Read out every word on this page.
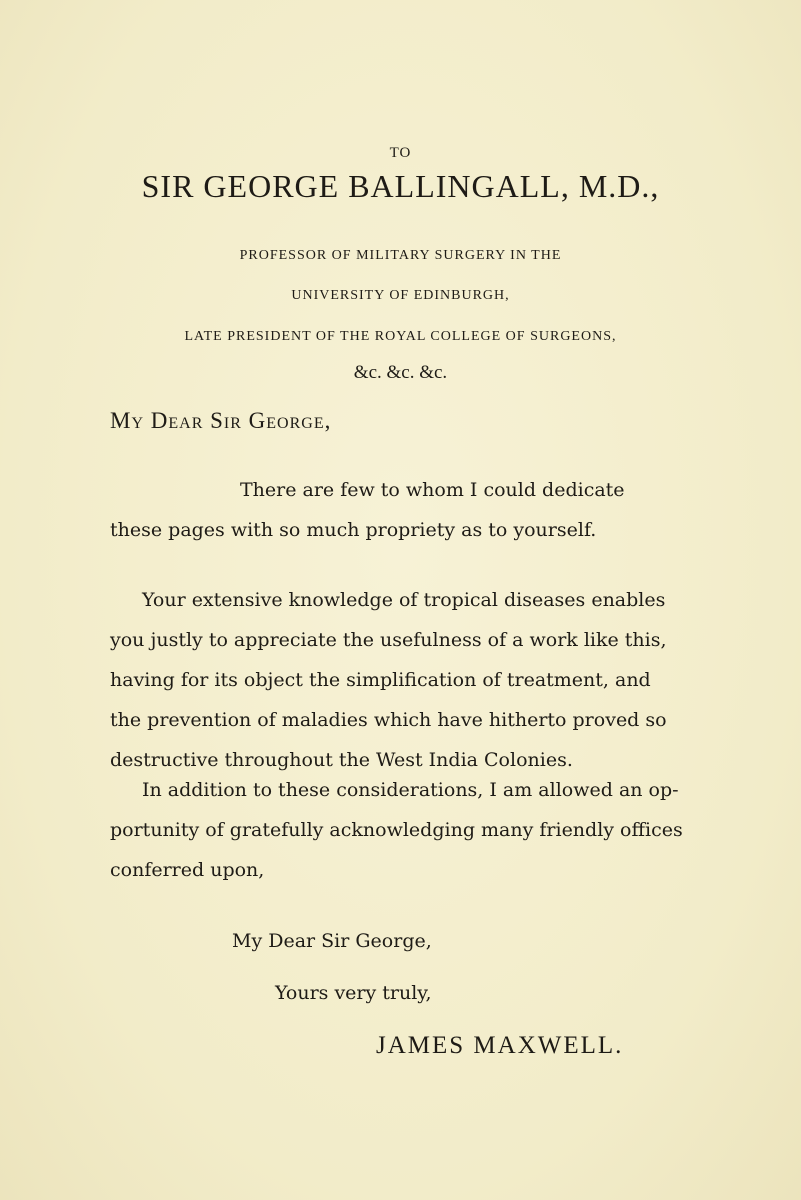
TO
SIR GEORGE BALLINGALL, M.D.,
PROFESSOR OF MILITARY SURGERY IN THE
UNIVERSITY OF EDINBURGH,
LATE PRESIDENT OF THE ROYAL COLLEGE OF SURGEONS,
&c. &c. &c.
My Dear Sir George,
There are few to whom I could dedicate
these pages with so much propriety as to yourself.
Your extensive knowledge of tropical diseases enables
you justly to appreciate the usefulness of a work like this,
having for its object the simplification of treatment, and
the prevention of maladies which have hitherto proved so
destructive throughout the West India Colonies.
In addition to these considerations, I am allowed an op-
portunity of gratefully acknowledging many friendly offices
conferred upon,
My Dear Sir George,
Yours very truly,
JAMES MAXWELL.
